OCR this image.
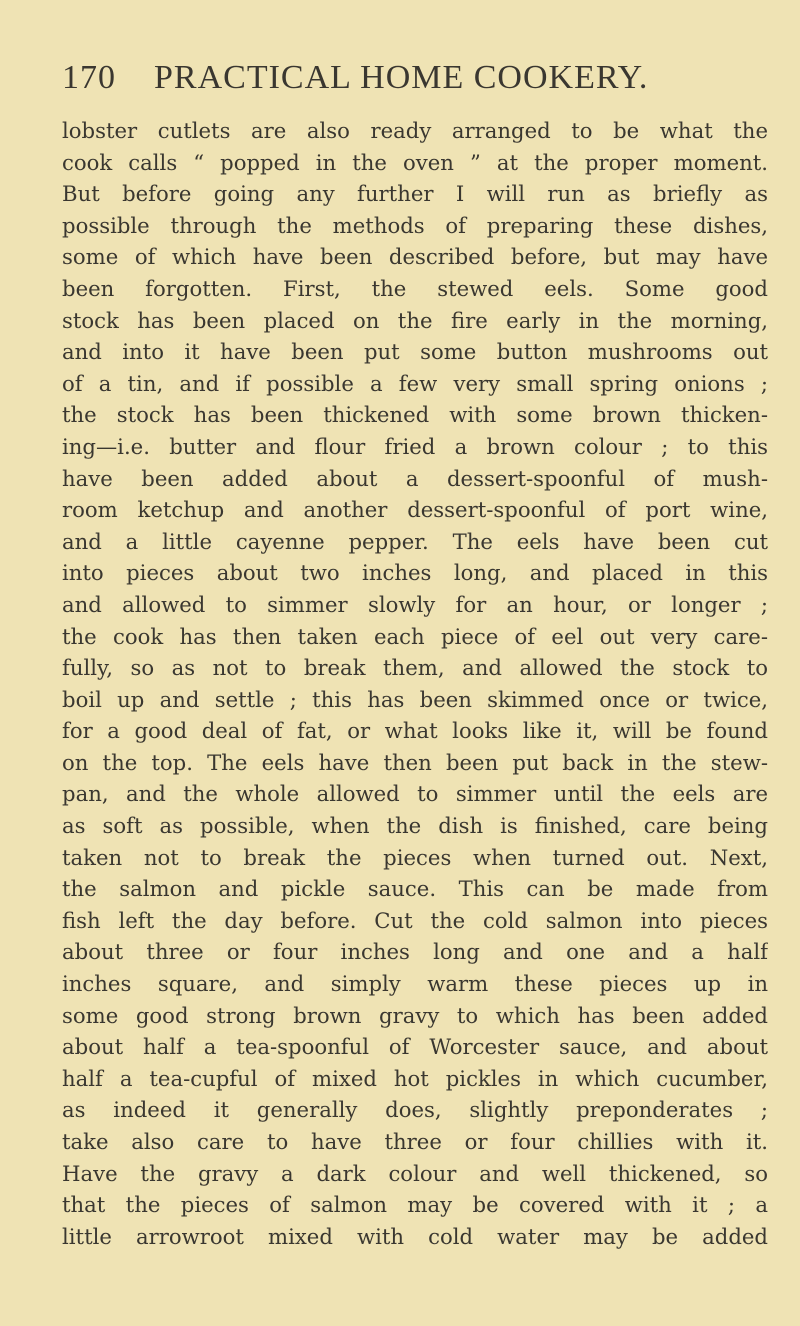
170 PRACTICAL HOME COOKERY.
lobster cutlets are also ready arranged to be what the
cook calls “ popped in the oven ” at the proper moment.
But before going any further I will run as briefly as
possible through the methods of preparing these dishes,
some of which have been described before, but may have
been forgotten. First, the stewed eels. Some good
stock has been placed on the fire early in the morning,
and into it have been put some button mushrooms out
of a tin, and if possible a few very small spring onions ;
the stock has been thickened with some brown thicken-
ing—i.e. butter and flour fried a brown colour ; to this
have been added about a dessert-spoonful of mush-
room ketchup and another dessert-spoonful of port wine,
and a little cayenne pepper. The eels have been cut
into pieces about two inches long, and placed in this
and allowed to simmer slowly for an hour, or longer ;
the cook has then taken each piece of eel out very care-
fully, so as not to break them, and allowed the stock to
boil up and settle ; this has been skimmed once or twice,
for a good deal of fat, or what looks like it, will be found
on the top. The eels have then been put back in the stew-
pan, and the whole allowed to simmer until the eels are
as soft as possible, when the dish is finished, care being
taken not to break the pieces when turned out. Next,
the salmon and pickle sauce. This can be made from
fish left the day before. Cut the cold salmon into pieces
about three or four inches long and one and a half
inches square, and simply warm these pieces up in
some good strong brown gravy to which has been added
about half a tea-spoonful of Worcester sauce, and about
half a tea-cupful of mixed hot pickles in which cucumber,
as indeed it generally does, slightly preponderates ;
take also care to have three or four chillies with it.
Have the gravy a dark colour and well thickened, so
that the pieces of salmon may be covered with it ; a
little arrowroot mixed with cold water may be added
